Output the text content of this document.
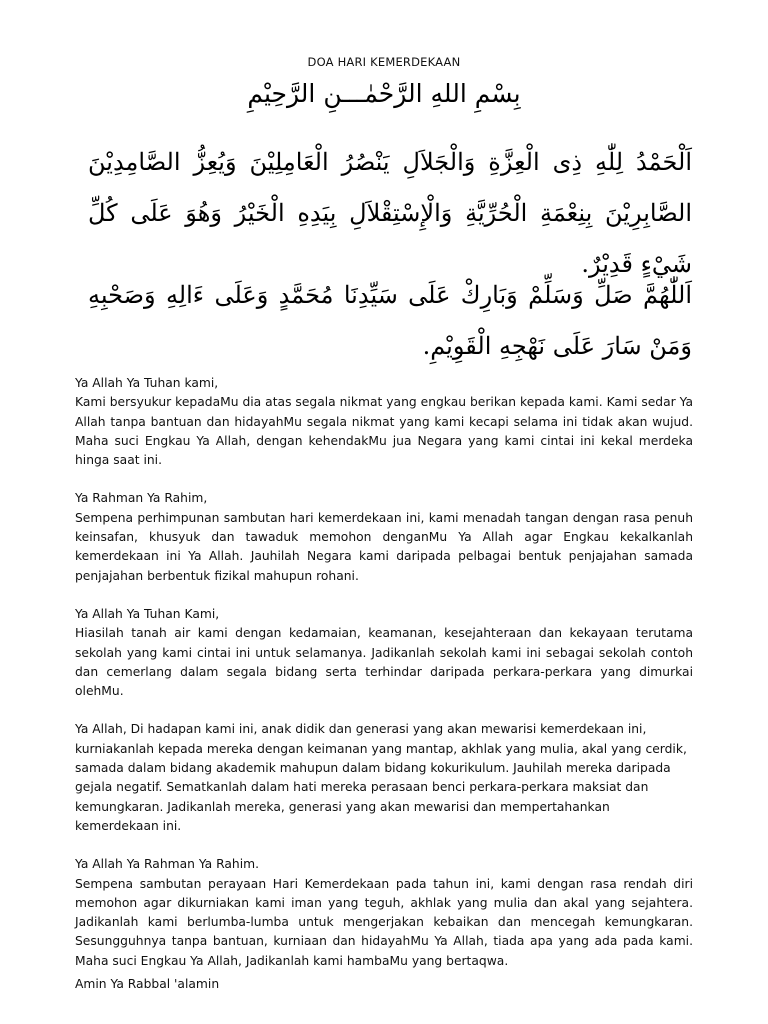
DOA HARI KEMERDEKAAN
بِسْمِ اللهِ الرَّحْمٰـــنِ الرَّحِيْمِ
اَلْحَمْدُ لِلّٰهِ ذِى الْعِزَّةِ وَالْجَلاَلِ يَنْصُرُ الْعَامِلِيْنَ وَيُعِزُّ الصَّامِدِيْنَ الصَّابِرِيْنَ بِنِعْمَةِ الْحُرِّيَّةِ وَالْإِسْتِقْلاَلِ بِيَدِهِ الْخَيْرُ وَهُوَ عَلَى كُلِّ شَيْءٍ قَدِيْرٌ.
اَللّٰهُمَّ صَلِّ وَسَلِّمْ وَبَارِكْ عَلَى سَيِّدِنَا مُحَمَّدٍ وَعَلَى ءَالِهِ وَصَحْبِهِ وَمَنْ سَارَ عَلَى نَهْجِهِ الْقَوِيْمِ.
Ya Allah Ya Tuhan kami,
Kami bersyukur kepadaMu dia atas segala nikmat yang engkau berikan kepada kami. Kami sedar Ya Allah tanpa bantuan dan hidayahMu segala nikmat yang kami kecapi selama ini tidak akan wujud. Maha suci Engkau Ya Allah, dengan kehendakMu jua Negara yang kami cintai ini kekal merdeka hinga saat ini.
Ya Rahman Ya Rahim,
Sempena perhimpunan sambutan hari kemerdekaan ini, kami menadah tangan dengan rasa penuh keinsafan, khusyuk dan tawaduk memohon denganMu Ya Allah agar Engkau kekalkanlah kemerdekaan ini Ya Allah. Jauhilah Negara kami daripada pelbagai bentuk penjajahan samada penjajahan berbentuk fizikal mahupun rohani.
Ya Allah Ya Tuhan Kami,
Hiasilah tanah air kami dengan kedamaian, keamanan, kesejahteraan dan kekayaan terutama sekolah yang kami cintai ini untuk selamanya. Jadikanlah sekolah kami ini sebagai sekolah contoh dan cemerlang dalam segala bidang serta terhindar daripada perkara-perkara yang dimurkai olehMu.
Ya Allah, Di hadapan kami ini, anak didik dan generasi yang akan mewarisi kemerdekaan ini,
kurniakanlah kepada mereka dengan keimanan yang mantap, akhlak yang mulia, akal yang cerdik, samada dalam bidang akademik mahupun dalam bidang kokurikulum. Jauhilah mereka daripada gejala negatif. Sematkanlah dalam hati mereka perasaan benci perkara-perkara maksiat dan kemungkaran. Jadikanlah mereka, generasi yang akan mewarisi dan mempertahankan kemerdekaan ini.
Ya Allah Ya Rahman Ya Rahim.
Sempena sambutan perayaan Hari Kemerdekaan pada tahun ini, kami dengan rasa rendah diri memohon agar dikurniakan kami iman yang teguh, akhlak yang mulia dan akal yang sejahtera. Jadikanlah kami berlumba-lumba untuk mengerjakan kebaikan dan mencegah kemungkaran. Sesungguhnya tanpa bantuan, kurniaan dan hidayahMu Ya Allah, tiada apa yang ada pada kami. Maha suci Engkau Ya Allah, Jadikanlah kami hambaMu yang bertaqwa.

Amin Ya Rabbal 'alamin
